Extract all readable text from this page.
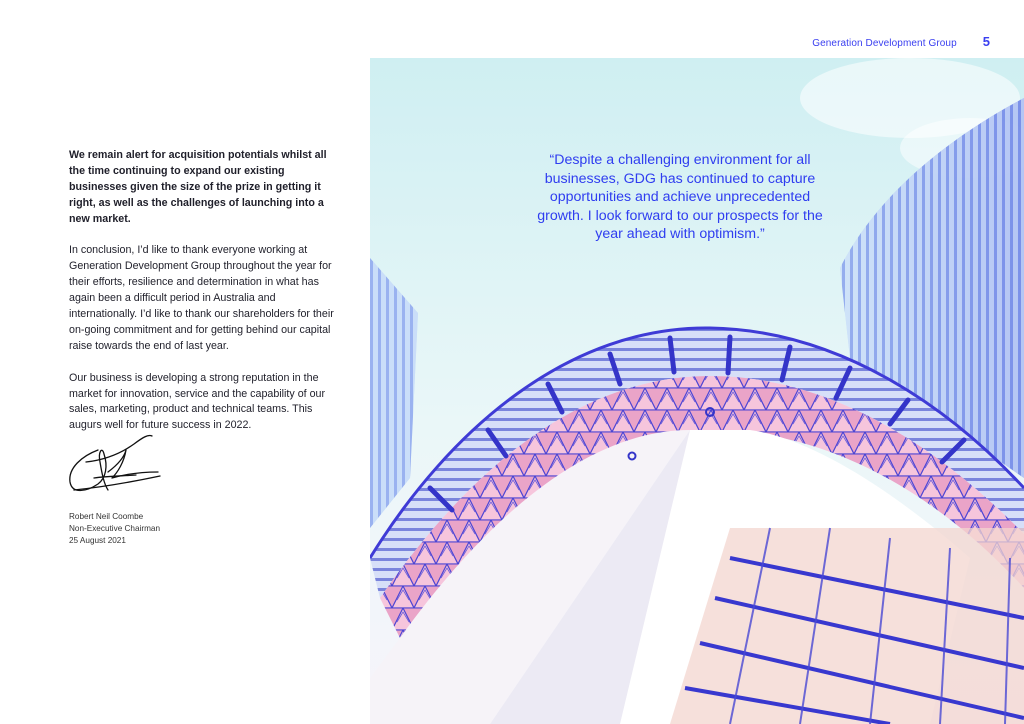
Generation Development Group 5

We remain alert for acquisition potentials whilst all the time continuing to expand our existing businesses given the size of the prize in getting it right, as well as the challenges of launching into a new market.

In conclusion, I’d like to thank everyone working at Generation Development Group throughout the year for their efforts, resilience and determination in what has again been a difficult period in Australia and internationally. I’d like to thank our shareholders for their on-going commitment and for getting behind our capital raise towards the end of last year.

Our business is developing a strong reputation in the market for innovation, service and the capability of our sales, marketing, product and technical teams. This augurs well for future success in 2022.

Robert Neil Coombe
Non-Executive Chairman
25 August 2021
“Despite a challenging environment for all businesses, GDG has continued to capture opportunities and achieve unprecedented growth. I look forward to our prospects for the year ahead with optimism.”
